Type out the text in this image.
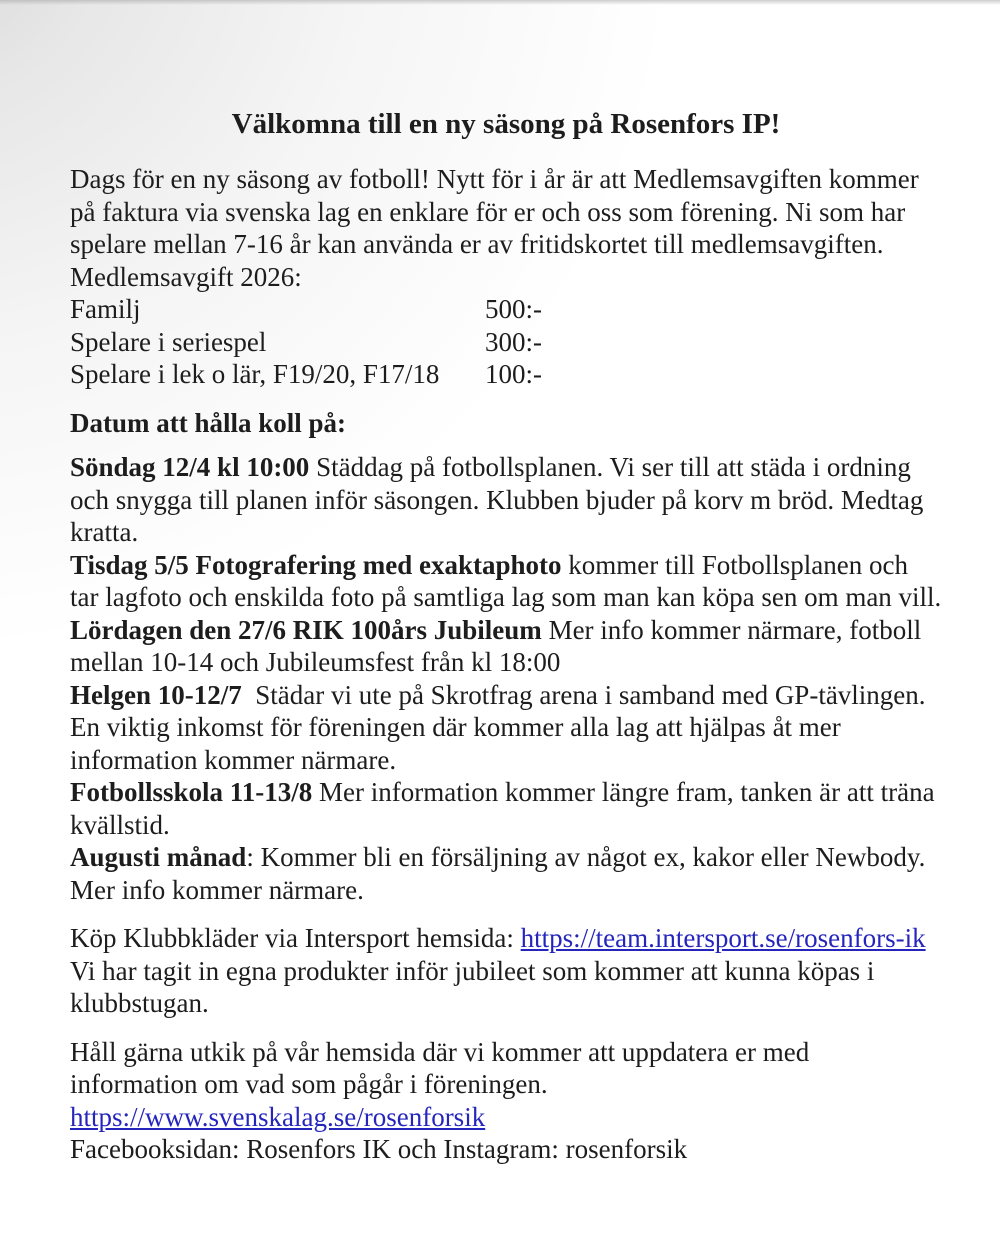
Välkomna till en ny säsong på Rosenfors IP!

Dags för en ny säsong av fotboll! Nytt för i år är att Medlemsavgiften kommer på faktura via svenska lag en enklare för er och oss som förening. Ni som har spelare mellan 7-16 år kan använda er av fritidskortet till medlemsavgiften.

Medlemsavgift 2026:
Familj	500:-
Spelare i seriespel	300:-
Spelare i lek o lär, F19/20, F17/18	100:-
Datum att hålla koll på:
Söndag 12/4 kl 10:00 Städdag på fotbollsplanen. Vi ser till att städa i ordning och snygga till planen inför säsongen. Klubben bjuder på korv m bröd. Medtag kratta.
Tisdag 5/5 Fotografering med exaktaphoto kommer till Fotbollsplanen och tar lagfoto och enskilda foto på samtliga lag som man kan köpa sen om man vill.
Lördagen den 27/6 RIK 100års Jubileum Mer info kommer närmare, fotboll mellan 10-14 och Jubileumsfest från kl 18:00
Helgen 10-12/7  Städar vi ute på Skrotfrag arena i samband med GP-tävlingen. En viktig inkomst för föreningen där kommer alla lag att hjälpas åt mer information kommer närmare.
Fotbollsskola 11-13/8 Mer information kommer längre fram, tanken är att träna kvällstid.
Augusti månad: Kommer bli en försäljning av något ex, kakor eller Newbody. Mer info kommer närmare.

Köp Klubbkläder via Intersport hemsida: https://team.intersport.se/rosenfors-ik

Vi har tagit in egna produkter inför jubileet som kommer att kunna köpas i klubbstugan.

Håll gärna utkik på vår hemsida där vi kommer att uppdatera er med information om vad som pågår i föreningen. https://www.svenskalag.se/rosenforsik

Facebooksidan: Rosenfors IK och Instagram: rosenforsik
